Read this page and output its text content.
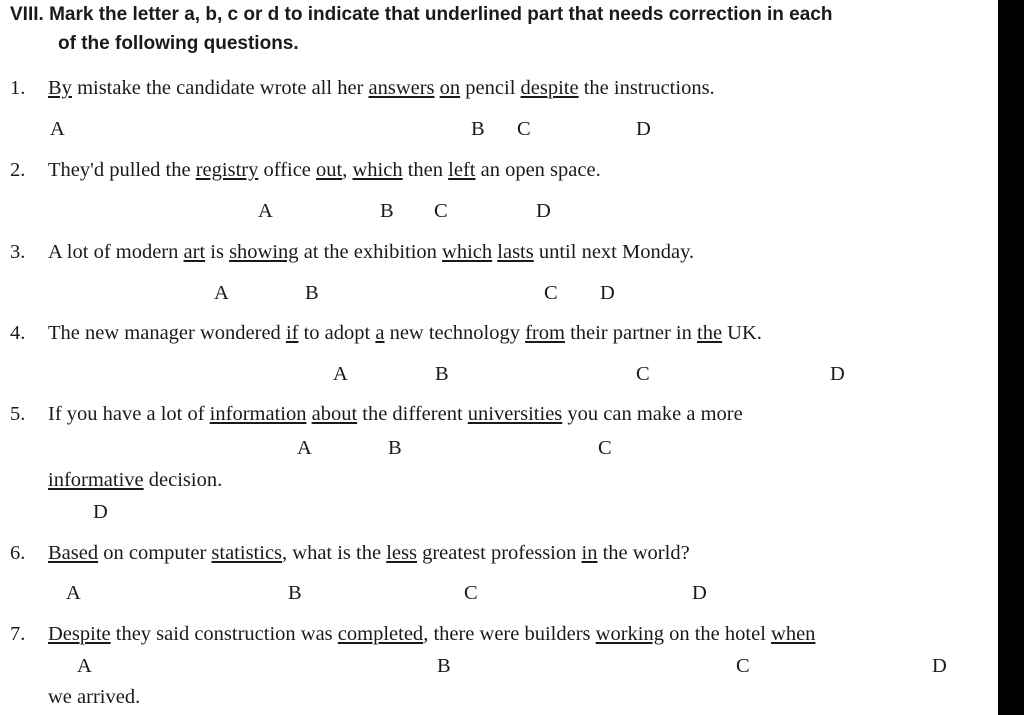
VIII. Mark the letter a, b, c or d to indicate that underlined part that needs correction in each
of the following questions.
1. By mistake the candidate wrote all her answers on pencil despite the instructions.
A	B C	D
2. They'd pulled the registry office out, which then left an open space.
A	B C	D
3. A lot of modern art is showing at the exhibition which lasts until next Monday.
A	B	C D
4. The new manager wondered if to adopt a new technology from their partner in the UK.
A	B	C	D
5. If you have a lot of information about the different universities you can make a more
A	B	C
informative decision.
D
6. Based on computer statistics, what is the less greatest profession in the world?
A	B	C	D
7. Despite they said construction was completed, there were builders working on the hotel when
A	B	C	D
we arrived.
